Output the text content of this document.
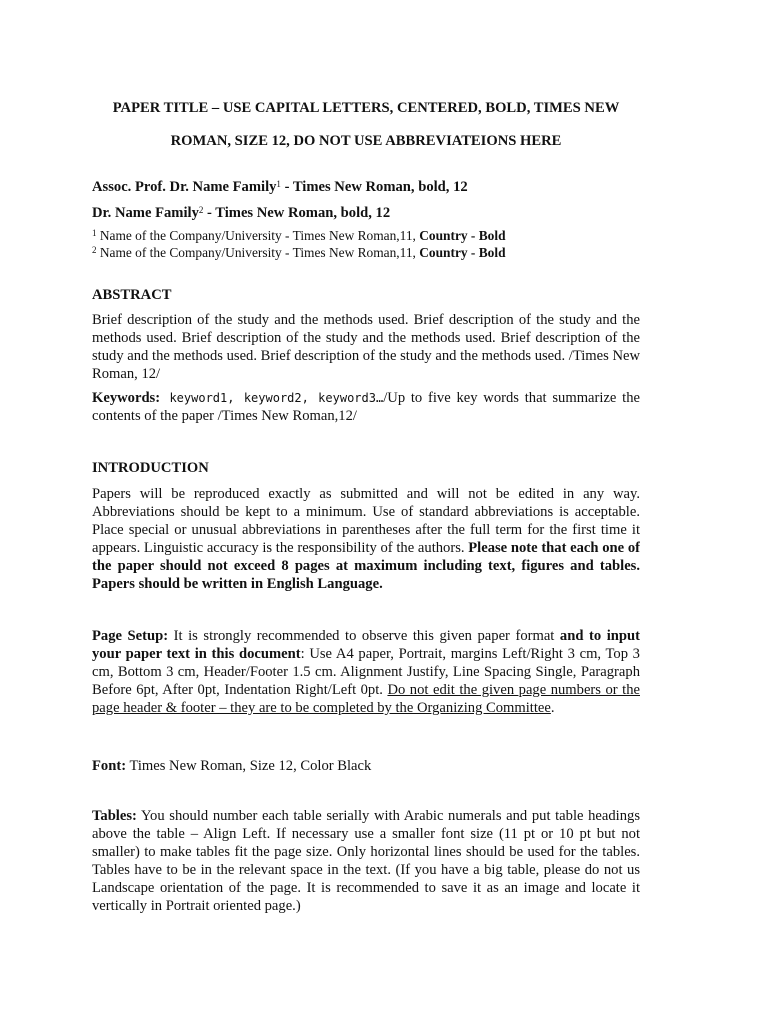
PAPER TITLE – USE CAPITAL LETTERS, CENTERED, BOLD, TIMES NEW
ROMAN, SIZE 12, DO NOT USE ABBREVIATEIONS HERE
Assoc. Prof. Dr. Name Family$^1$ - Times New Roman, bold, 12
Dr. Name Family$^2$ - Times New Roman, bold, 12
$^1$ Name of the Company/University - Times New Roman,11, Country - Bold
$^2$ Name of the Company/University - Times New Roman,11, Country - Bold
ABSTRACT
Brief description of the study and the methods used. Brief description of the study and the methods used. Brief description of the study and the methods used. Brief description of the study and the methods used. Brief description of the study and the methods used. /Times New Roman, 12/
Keywords: keyword1, keyword2, keyword3…/Up to five key words that summarize the contents of the paper /Times New Roman,12/
INTRODUCTION
Papers will be reproduced exactly as submitted and will not be edited in any way. Abbreviations should be kept to a minimum. Use of standard abbreviations is acceptable. Place special or unusual abbreviations in parentheses after the full term for the first time it appears. Linguistic accuracy is the responsibility of the authors. Please note that each one of the paper should not exceed 8 pages at maximum including text, figures and tables. Papers should be written in English Language.
Page Setup: It is strongly recommended to observe this given paper format and to input your paper text in this document: Use A4 paper, Portrait, margins Left/Right 3 cm, Top 3 cm, Bottom 3 cm, Header/Footer 1.5 cm. Alignment Justify, Line Spacing Single, Paragraph Before 6pt, After 0pt, Indentation Right/Left 0pt. Do not edit the given page numbers or the page header & footer – they are to be completed by the Organizing Committee.
Font: Times New Roman, Size 12, Color Black
Tables: You should number each table serially with Arabic numerals and put table headings above the table – Align Left. If necessary use a smaller font size (11 pt or 10 pt but not smaller) to make tables fit the page size. Only horizontal lines should be used for the tables. Tables have to be in the relevant space in the text. (If you have a big table, please do not us Landscape orientation of the page. It is recommended to save it as an image and locate it vertically in Portrait oriented page.)
